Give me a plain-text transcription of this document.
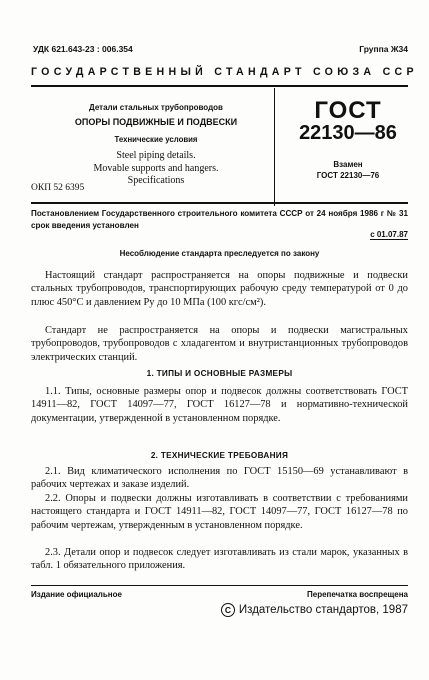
УДК 621.643-23 : 006.354	Группа Ж34
ГОСУДАРСТВЕННЫЙ СТАНДАРТ СОЮЗА ССР
Детали стальных трубопроводов
ОПОРЫ ПОДВИЖНЫЕ И ПОДВЕСКИ
Технические условия
Steel piping details.
Movable supports and hangers.
Specifications
ОКП 52 6395
ГОСТ
22130—86
Взамен
ГОСТ 22130—76
Постановлением Государственного строительного комитета СССР от 24 ноября 1986 г № 31 срок введения установлен
с 01.07.87
Несоблюдение стандарта преследуется по закону
Настоящий стандарт распространяется на опоры подвижные и подвески стальных трубопроводов, транспортирующих рабочую среду температурой от 0 до плюс 450°С и давлением Pу до 10 МПа (100 кгс/см²).
Стандарт не распространяется на опоры и подвески магистральных трубопроводов, трубопроводов с хладагентом и внутристанционных трубопроводов электрических станций.
1. ТИПЫ И ОСНОВНЫЕ РАЗМЕРЫ
1.1. Типы, основные размеры опор и подвесок должны соответствовать ГОСТ 14911—82, ГОСТ 14097—77, ГОСТ 16127—78 и нормативно-технической документации, утвержденной в установленном порядке.
2. ТЕХНИЧЕСКИЕ ТРЕБОВАНИЯ
2.1. Вид климатического исполнения по ГОСТ 15150—69 устанавливают в рабочих чертежах и заказе изделий.
2.2. Опоры и подвески должны изготавливать в соответствии с требованиями настоящего стандарта и ГОСТ 14911—82, ГОСТ 14097—77, ГОСТ 16127—78 по рабочим чертежам, утвержденным в установленном порядке.
2.3. Детали опор и подвесок следует изготавливать из стали марок, указанных в табл. 1 обязательного приложения.
Издание официальное	Перепечатка воспрещена
C Издательство стандартов, 1987
